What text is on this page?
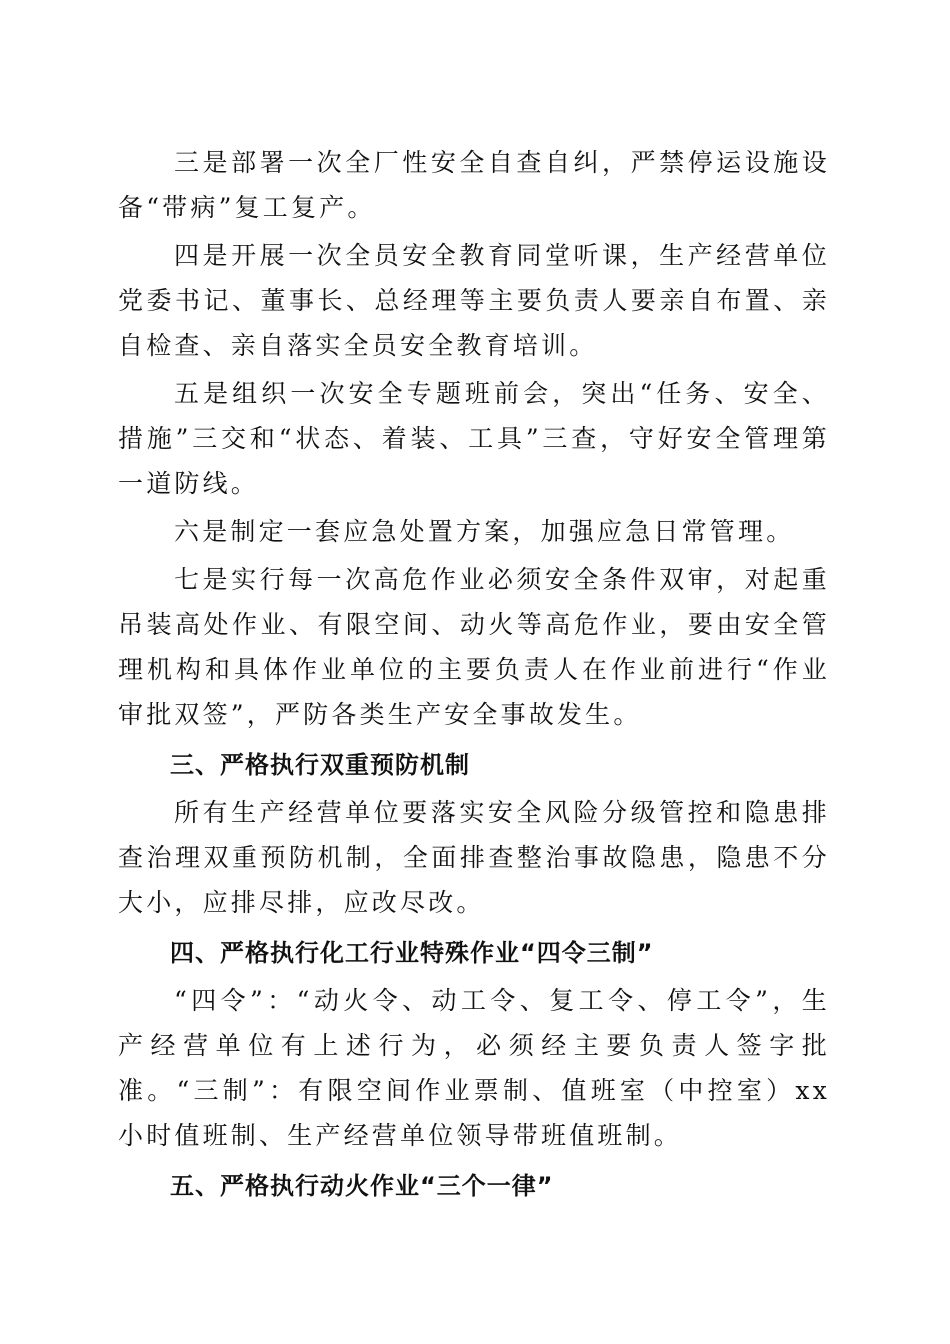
三是部署一次全厂性安全自查自纠，严禁停运设施设备“带病”复工复产。

四是开展一次全员安全教育同堂听课，生产经营单位党委书记、董事长、总经理等主要负责人要亲自布置、亲自检查、亲自落实全员安全教育培训。

五是组织一次安全专题班前会，突出“任务、安全、措施”三交和“状态、着装、工具”三查，守好安全管理第一道防线。

六是制定一套应急处置方案，加强应急日常管理。

七是实行每一次高危作业必须安全条件双审，对起重吊装高处作业、有限空间、动火等高危作业，要由安全管理机构和具体作业单位的主要负责人在作业前进行“作业审批双签”，严防各类生产安全事故发生。

三、严格执行双重预防机制

所有生产经营单位要落实安全风险分级管控和隐患排查治理双重预防机制，全面排查整治事故隐患，隐患不分大小，应排尽排，应改尽改。

四、严格执行化工行业特殊作业“四令三制”

“四令”：“动火令、动工令、复工令、停工令”，生产经营单位有上述行为，必须经主要负责人签字批准。“三制”：有限空间作业票制、值班室（中控室）xx小时值班制、生产经营单位领导带班值班制。

五、严格执行动火作业“三个一律”
